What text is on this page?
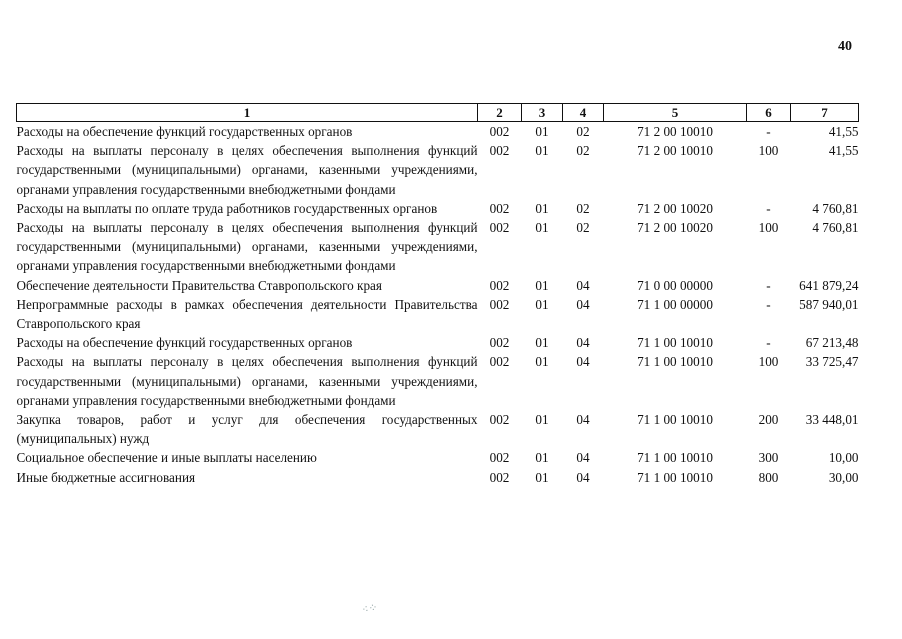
40
1	2	3	4	5	6	7
Расходы на обеспечение функций государственных органов	002	01	02	71 2 00 10010	-	41,55
Расходы на выплаты персоналу в целях обеспечения выполнения функций государственными (муниципальными) органами, казенными учреждениями, органами управления государственными внебюджетными фондами	002	01	02	71 2 00 10010	100	41,55
Расходы на выплаты по оплате труда работников государственных органов	002	01	02	71 2 00 10020	-	4 760,81
Расходы на выплаты персоналу в целях обеспечения выполнения функций государственными (муниципальными) органами, казенными учреждениями, органами управления государственными внебюджетными фондами	002	01	02	71 2 00 10020	100	4 760,81
Обеспечение деятельности Правительства Ставропольского края	002	01	04	71 0 00 00000	-	641 879,24
Непрограммные расходы в рамках обеспечения деятельности Правительства Ставропольского края	002	01	04	71 1 00 00000	-	587 940,01
Расходы на обеспечение функций государственных органов	002	01	04	71 1 00 10010	-	67 213,48
Расходы на выплаты персоналу в целях обеспечения выполнения функций государственными (муниципальными) органами, казенными учреждениями, органами управления государственными внебюджетными фондами	002	01	04	71 1 00 10010	100	33 725,47
Закупка товаров, работ и услуг для обеспечения государственных (муниципальных) нужд	002	01	04	71 1 00 10010	200	33 448,01
Социальное обеспечение и иные выплаты населению	002	01	04	71 1 00 10010	300	10,00
Иные бюджетные ассигнования	002	01	04	71 1 00 10010	800	30,00
⁖⁘
